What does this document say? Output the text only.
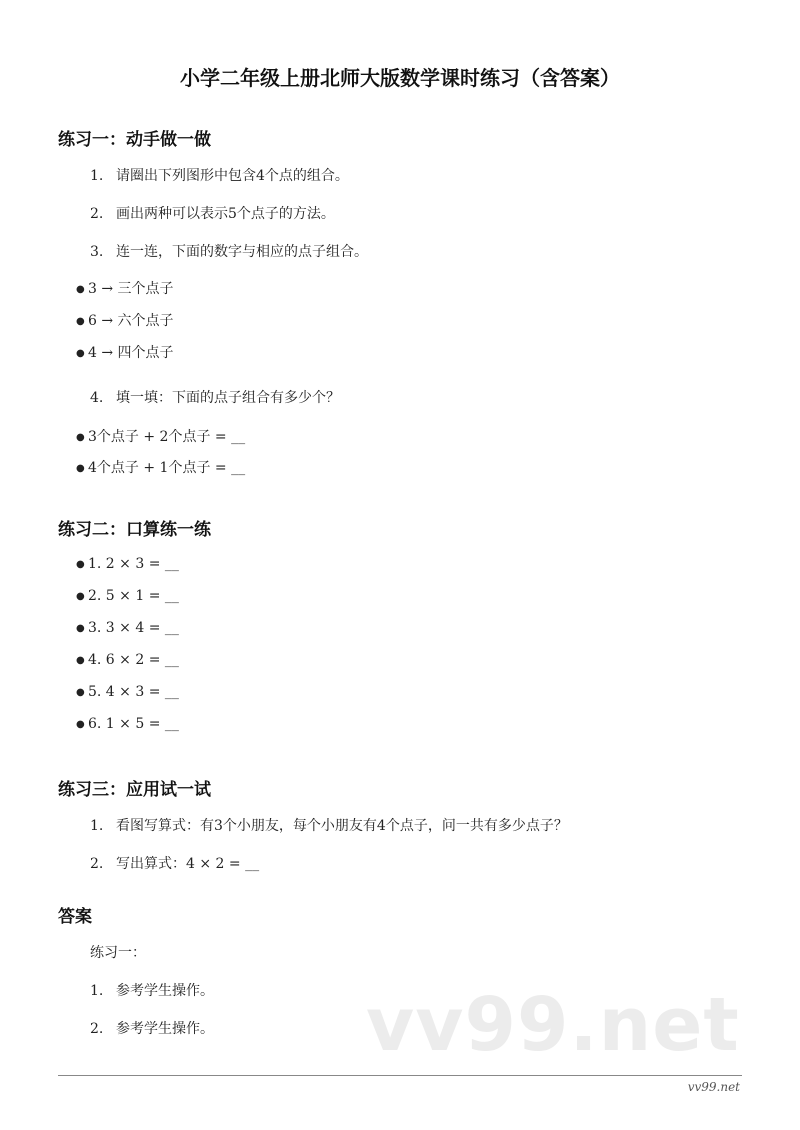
小学二年级上册北师大版数学课时练习（含答案）
练习一：动手做一做
1. 请圈出下列图形中包含4个点的组合。
2. 画出两种可以表示5个点子的方法。
3. 连一连，下面的数字与相应的点子组合。
● 3 → 三个点子
● 6 → 六个点子
● 4 → 四个点子
4. 填一填：下面的点子组合有多少个？
● 3个点子 + 2个点子 = __
● 4个点子 + 1个点子 = __
练习二：口算练一练
● 1. 2 × 3 = __
● 2. 5 × 1 = __
● 3. 3 × 4 = __
● 4. 6 × 2 = __
● 5. 4 × 3 = __
● 6. 1 × 5 = __
练习三：应用试一试
1. 看图写算式：有3个小朋友，每个小朋友有4个点子，问一共有多少点子？
2. 写出算式：4 × 2 = __
答案
练习一：
1. 参考学生操作。
2. 参考学生操作。 vv99.net
vv99.net
